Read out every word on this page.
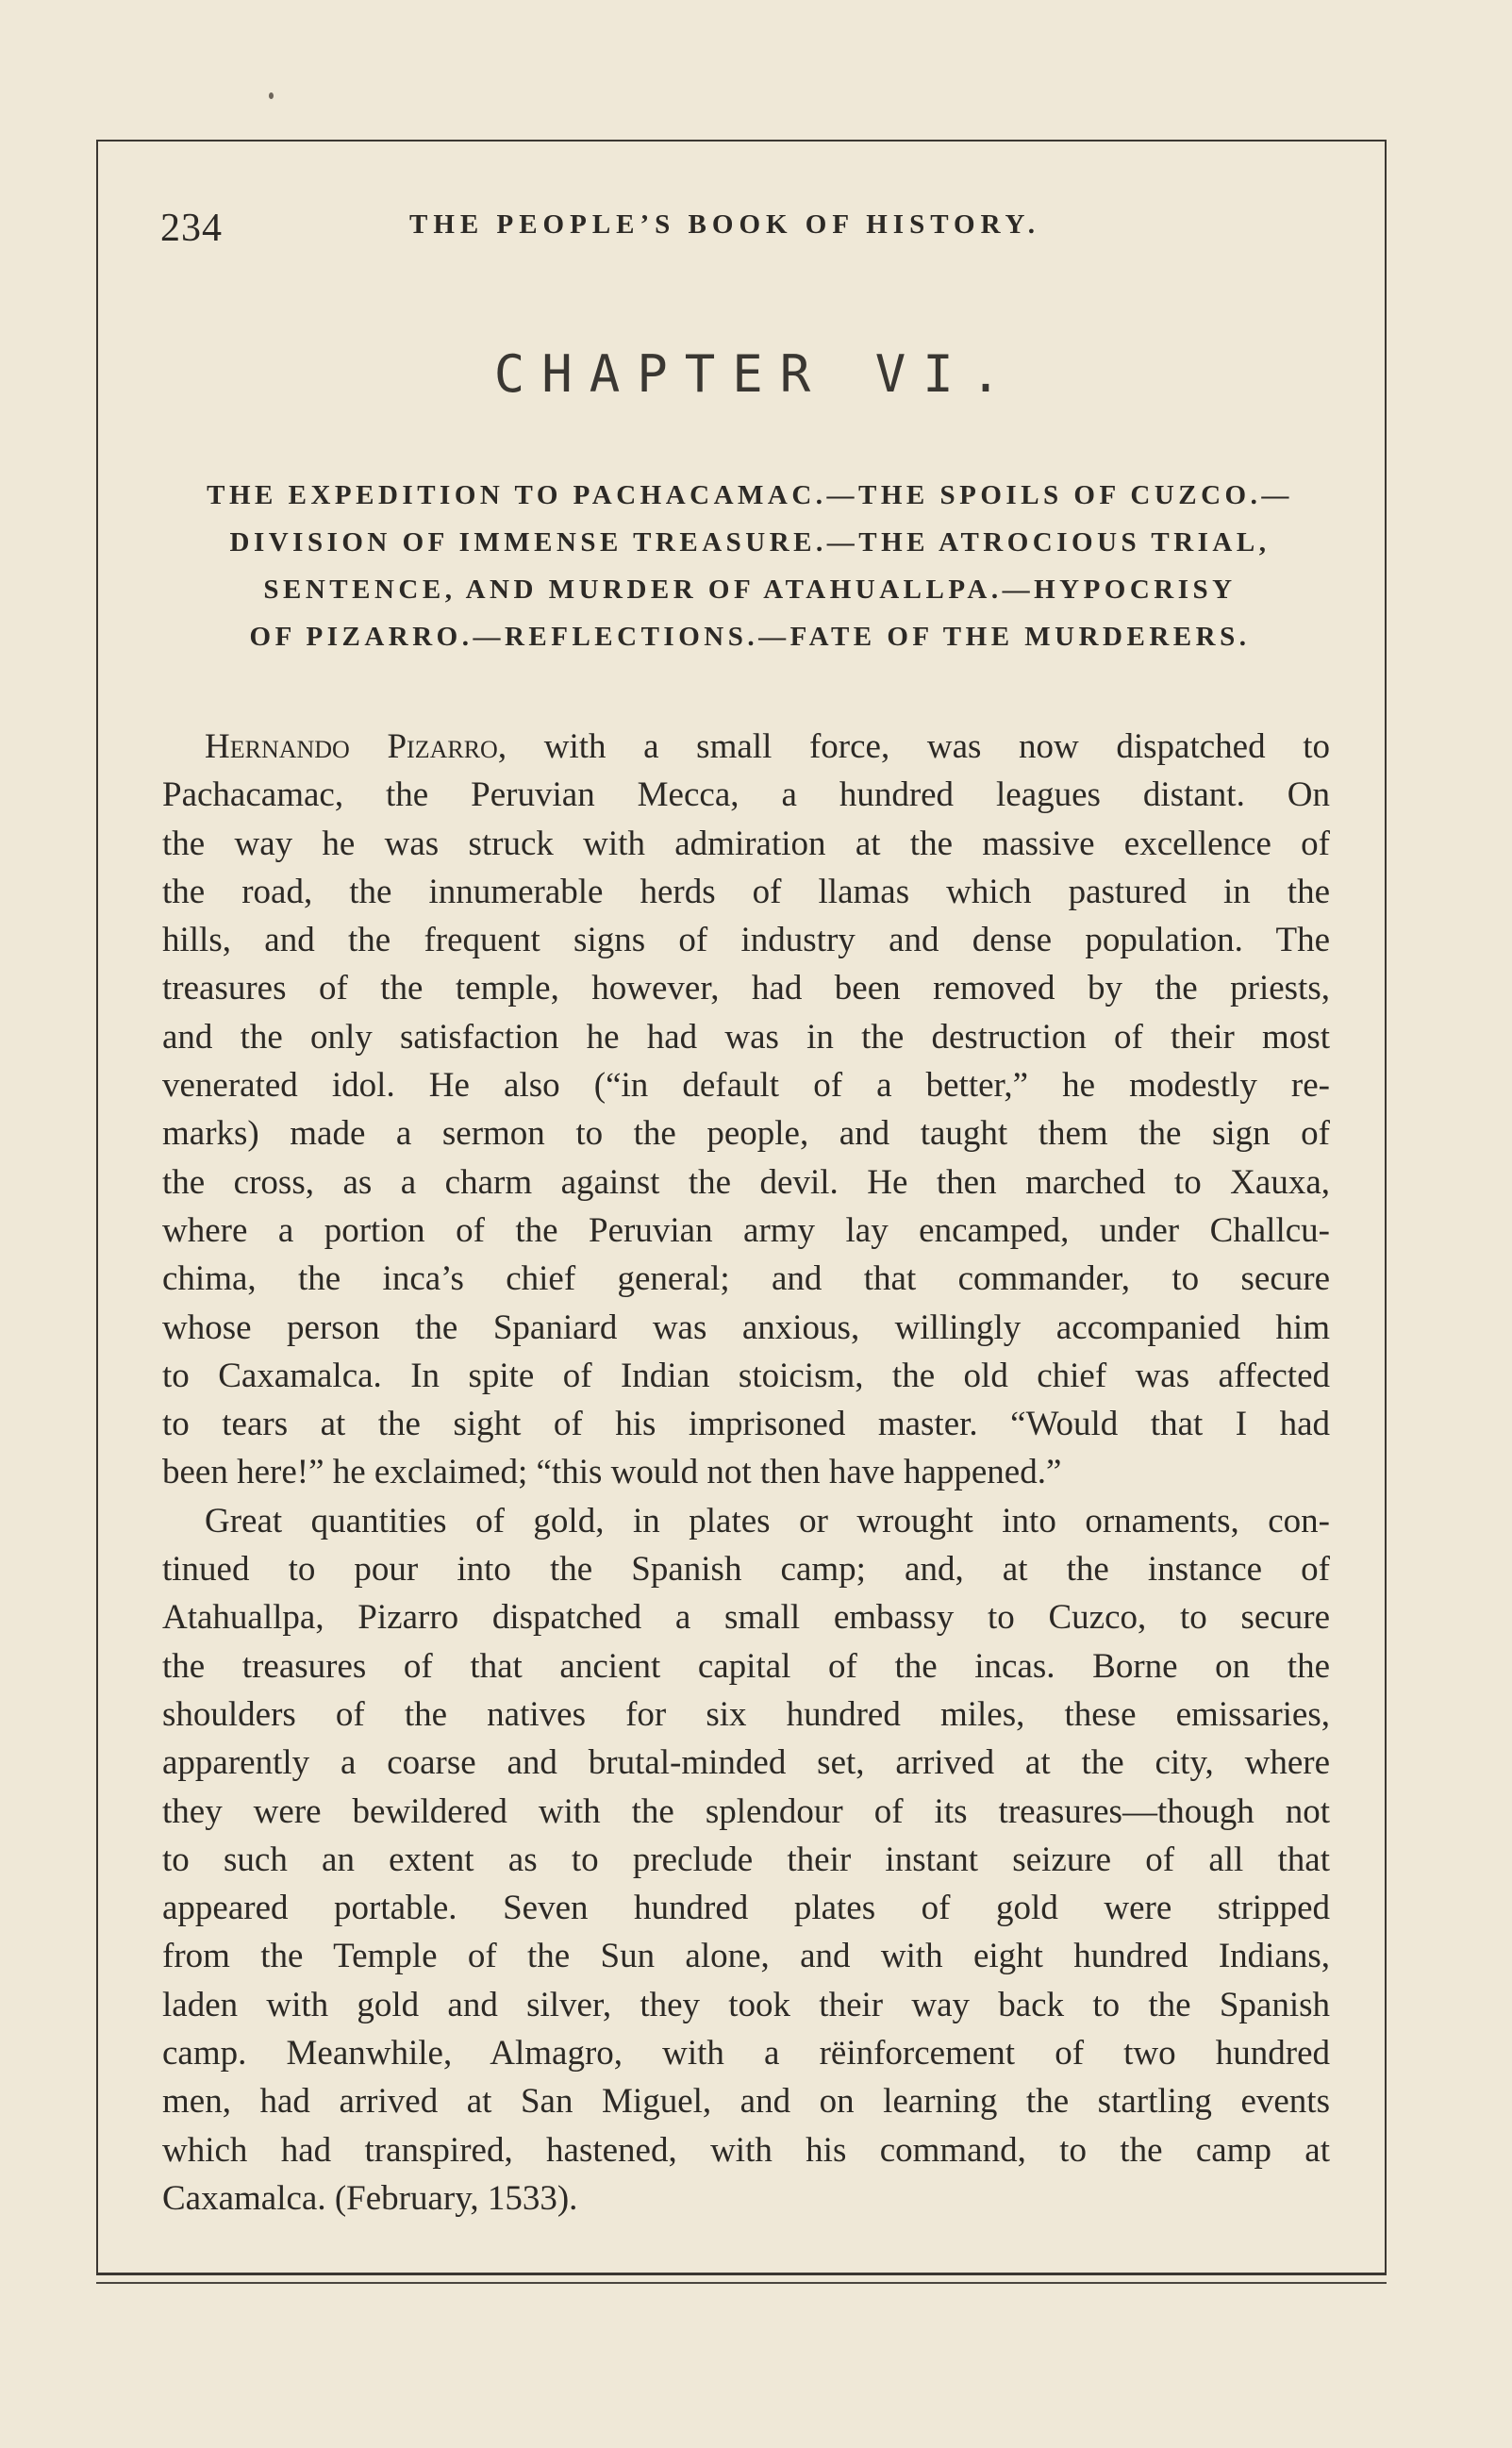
234	THE PEOPLE’S BOOK OF HISTORY.
CHAPTER VI.
THE EXPEDITION TO PACHACAMAC.—THE SPOILS OF CUZCO.—
DIVISION OF IMMENSE TREASURE.—THE ATROCIOUS TRIAL,
SENTENCE, AND MURDER OF ATAHUALLPA.—HYPOCRISY
OF PIZARRO.—REFLECTIONS.—FATE OF THE MURDERERS.
Hernando Pizarro, with a small force, was now dispatched to
Pachacamac, the Peruvian Mecca, a hundred leagues distant. On
the way he was struck with admiration at the massive excellence of
the road, the innumerable herds of llamas which pastured in the
hills, and the frequent signs of industry and dense population. The
treasures of the temple, however, had been removed by the priests,
and the only satisfaction he had was in the destruction of their most
venerated idol. He also (“in default of a better,” he modestly re-
marks) made a sermon to the people, and taught them the sign of
the cross, as a charm against the devil. He then marched to Xauxa,
where a portion of the Peruvian army lay encamped, under Challcu-
chima, the inca’s chief general; and that commander, to secure
whose person the Spaniard was anxious, willingly accompanied him
to Caxamalca. In spite of Indian stoicism, the old chief was affected
to tears at the sight of his imprisoned master. “Would that I had
been here!” he exclaimed; “this would not then have happened.”
Great quantities of gold, in plates or wrought into ornaments, con-
tinued to pour into the Spanish camp; and, at the instance of
Atahuallpa, Pizarro dispatched a small embassy to Cuzco, to secure
the treasures of that ancient capital of the incas. Borne on the
shoulders of the natives for six hundred miles, these emissaries,
apparently a coarse and brutal-minded set, arrived at the city, where
they were bewildered with the splendour of its treasures—though not
to such an extent as to preclude their instant seizure of all that
appeared portable. Seven hundred plates of gold were stripped
from the Temple of the Sun alone, and with eight hundred Indians,
laden with gold and silver, they took their way back to the Spanish
camp. Meanwhile, Almagro, with a rëinforcement of two hundred
men, had arrived at San Miguel, and on learning the startling events
which had transpired, hastened, with his command, to the camp at
Caxamalca. (February, 1533).
